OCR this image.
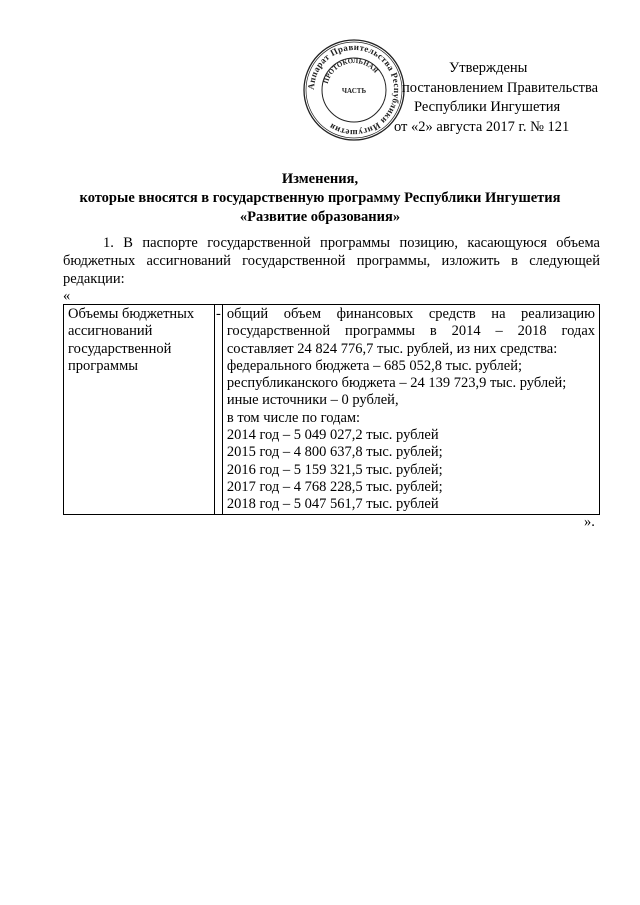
Аппарат Правительства Республики Ингушетия
ПРОТОКОЛЬНАЯ
ЧАСТЬ
Утверждены
постановлением Правительства
Республики Ингушетия
от «2» августа 2017 г. № 121
Изменения,
которые вносятся в государственную программу Республики Ингушетия
«Развитие образования»
1. В паспорте государственной программы позицию, касающуюся объема
бюджетных ассигнований государственной программы, изложить в следующей
редакции:
«
Объемы бюджетных
ассигнований
государственной
программы
	-	общий объем финансовых средств на реализацию
государственной программы в 2014 – 2018 годах
составляет 24 824 776,7 тыс. рублей, из них средства:
федерального бюджета – 685 052,8 тыс. рублей;
республиканского бюджета – 24 139 723,9 тыс. рублей;
иные источники – 0 рублей,
в том числе по годам:
2014 год – 5 049 027,2 тыс. рублей
2015 год – 4 800 637,8 тыс. рублей;
2016 год – 5 159 321,5 тыс. рублей;
2017 год – 4 768 228,5 тыс. рублей;
2018 год – 5 047 561,7 тыс. рублей
».
